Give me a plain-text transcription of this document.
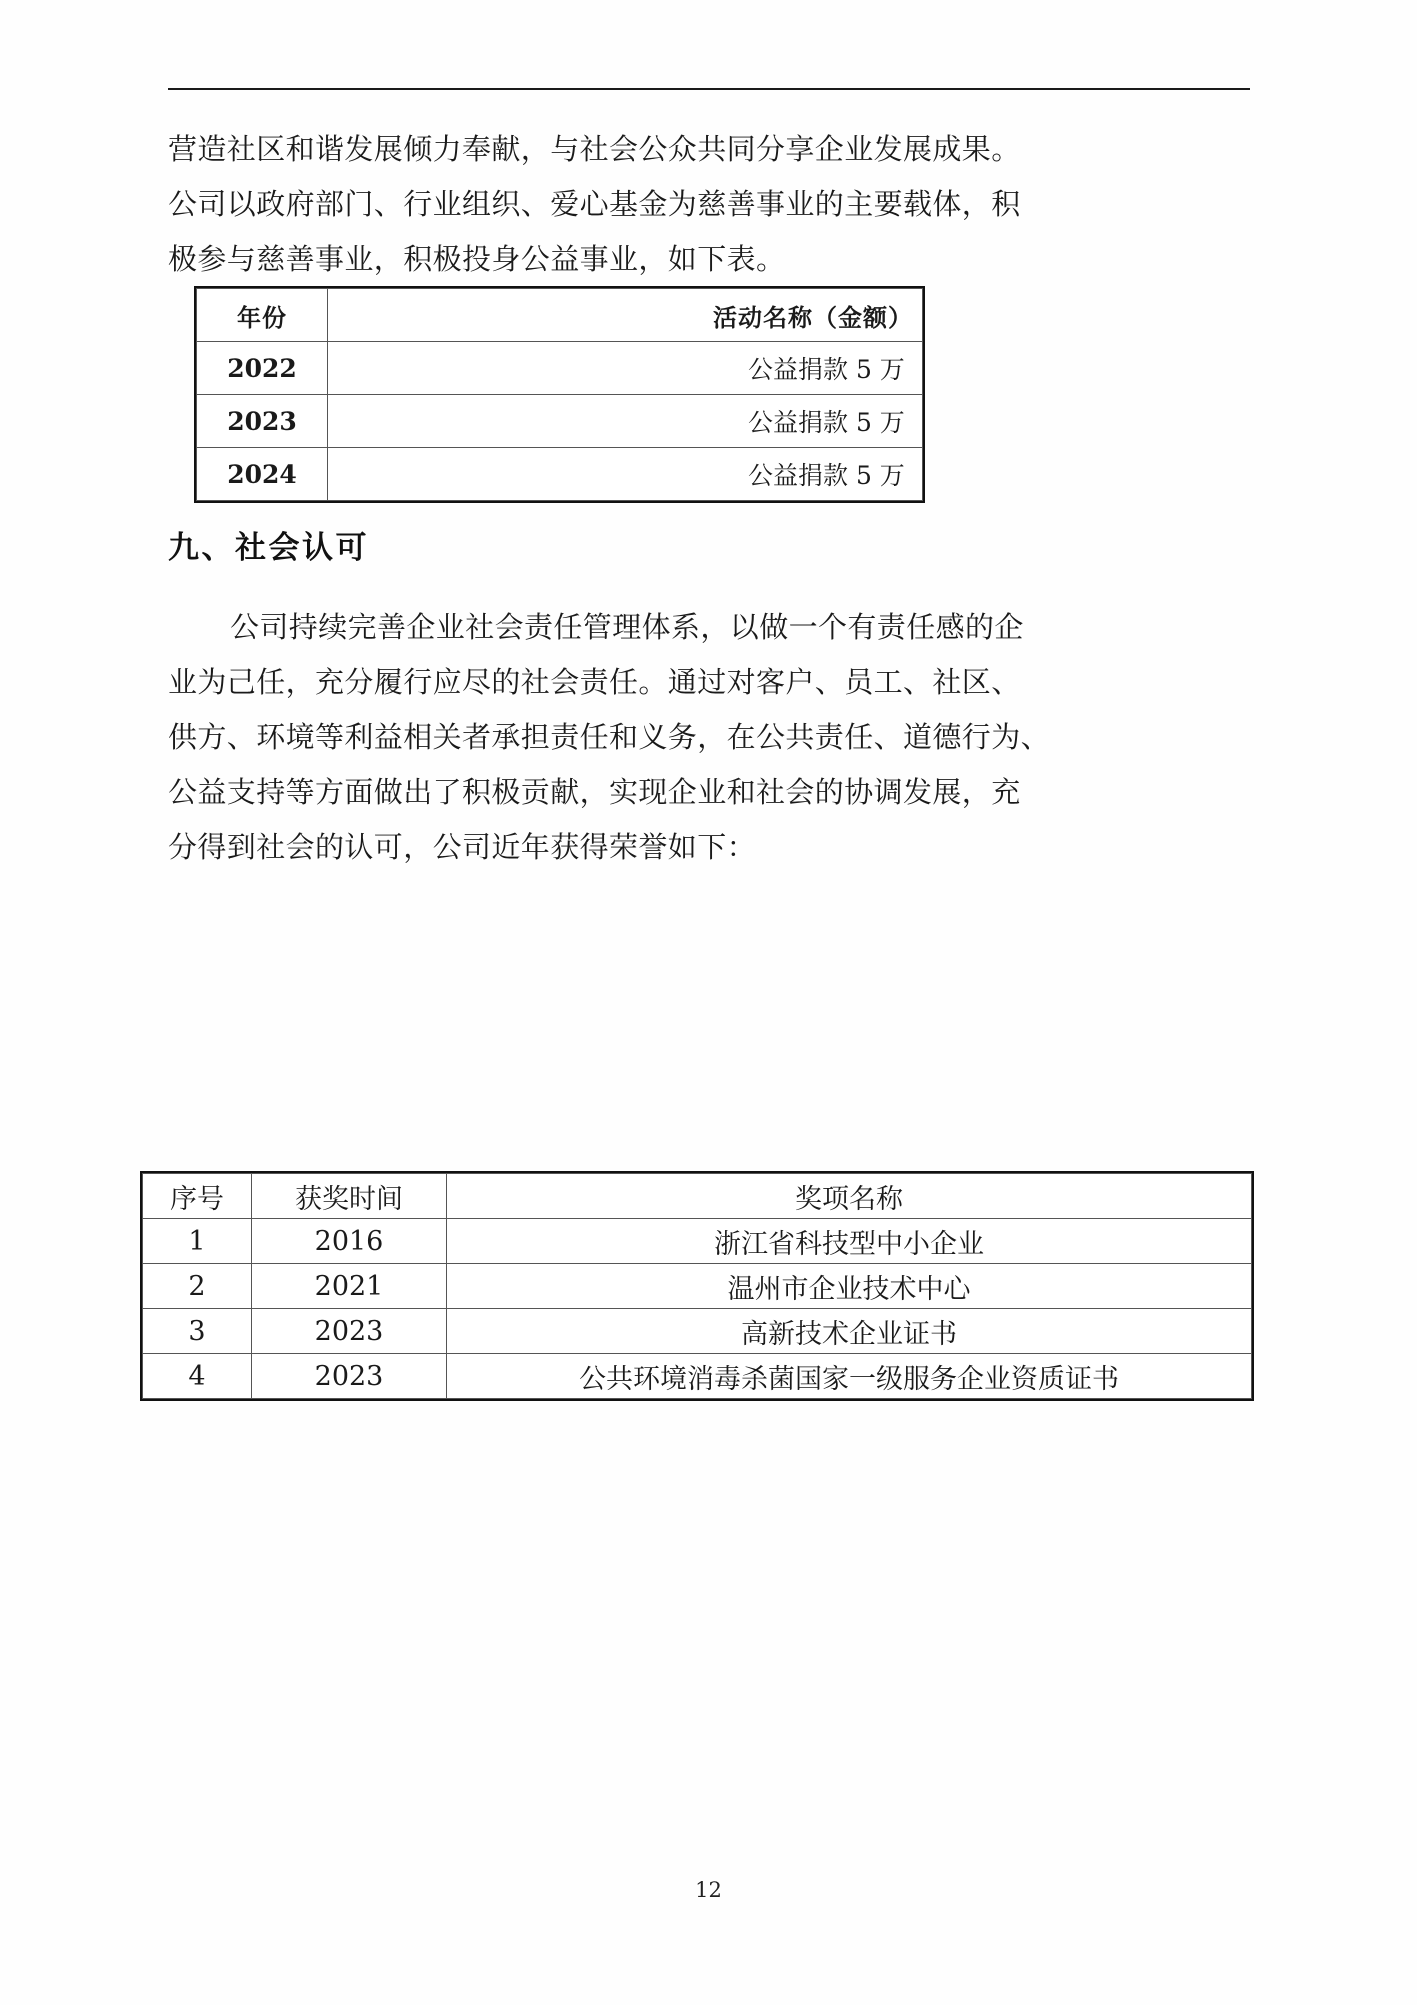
营造社区和谐发展倾力奉献，与社会公众共同分享企业发展成果。
公司以政府部门、行业组织、爱心基金为慈善事业的主要载体，积
极参与慈善事业，积极投身公益事业，如下表。
年份	活动名称（金额）
2022	公益捐款 5 万
2023	公益捐款 5 万
2024	公益捐款 5 万
九、社会认可
公司持续完善企业社会责任管理体系，以做一个有责任感的企
业为己任，充分履行应尽的社会责任。通过对客户、员工、社区、
供方、环境等利益相关者承担责任和义务，在公共责任、道德行为、
公益支持等方面做出了积极贡献，实现企业和社会的协调发展，充
分得到社会的认可，公司近年获得荣誉如下：
序号	获奖时间	奖项名称
1	2016	浙江省科技型中小企业
2	2021	温州市企业技术中心
3	2023	高新技术企业证书
4	2023	公共环境消毒杀菌国家一级服务企业资质证书
12
